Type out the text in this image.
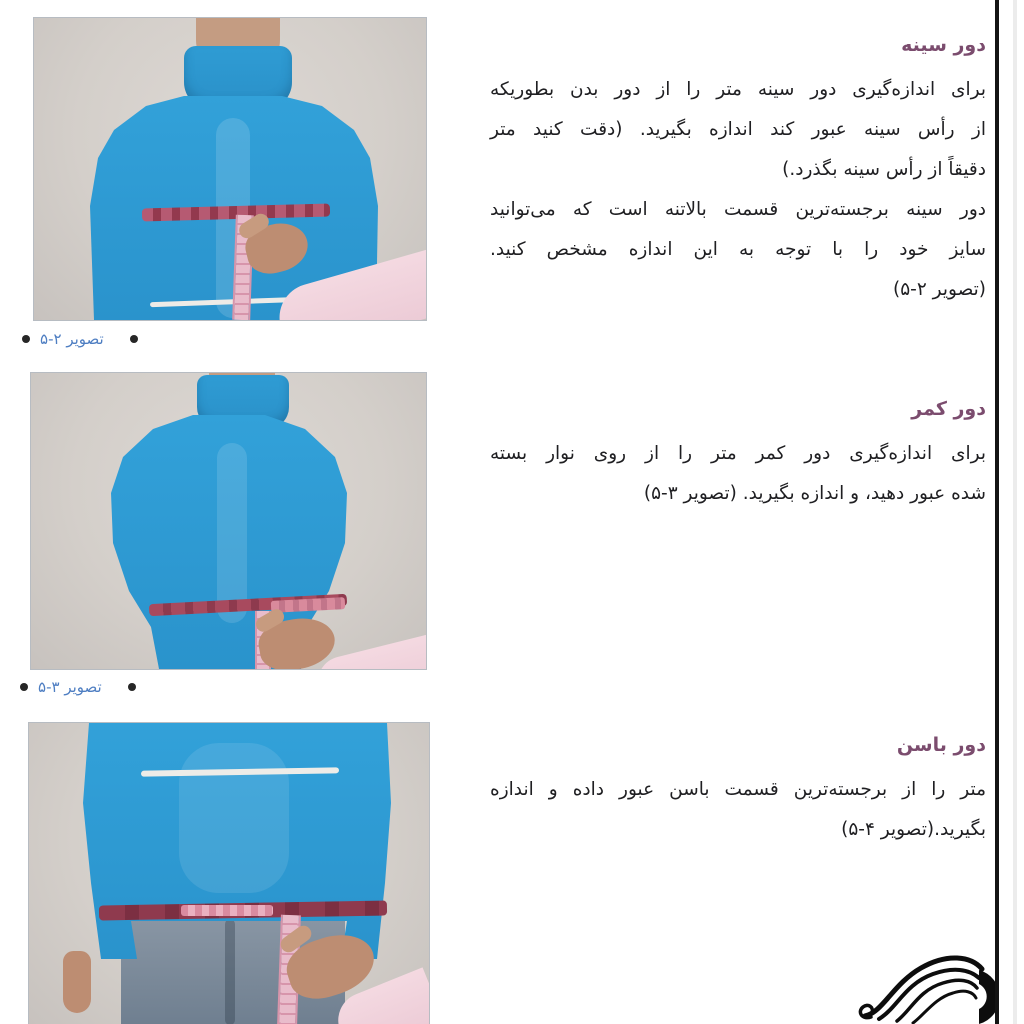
تصویر ۲-۵
تصویر ۳-۵
دور سینه
برای اندازه‌گیری دور سینه متر را از دور بدن بطوریکه
از رأس سینه عبور کند اندازه بگیرید. (دقت کنید متر
دقیقاً از رأس سینه بگذرد.)
دور سینه برجسته‌ترین قسمت بالاتنه است که می‌توانید
سایز خود را با توجه به این اندازه مشخص کنید.
(تصویر ۲-۵)
دور کمر
برای اندازه‌گیری دور کمر متر را از روی نوار بسته
شده عبور دهید، و اندازه بگیرید. (تصویر ۳-۵)
دور باسن
متر را از برجسته‌ترین قسمت باسن عبور داده و اندازه
بگیرید.(تصویر ۴-۵)
